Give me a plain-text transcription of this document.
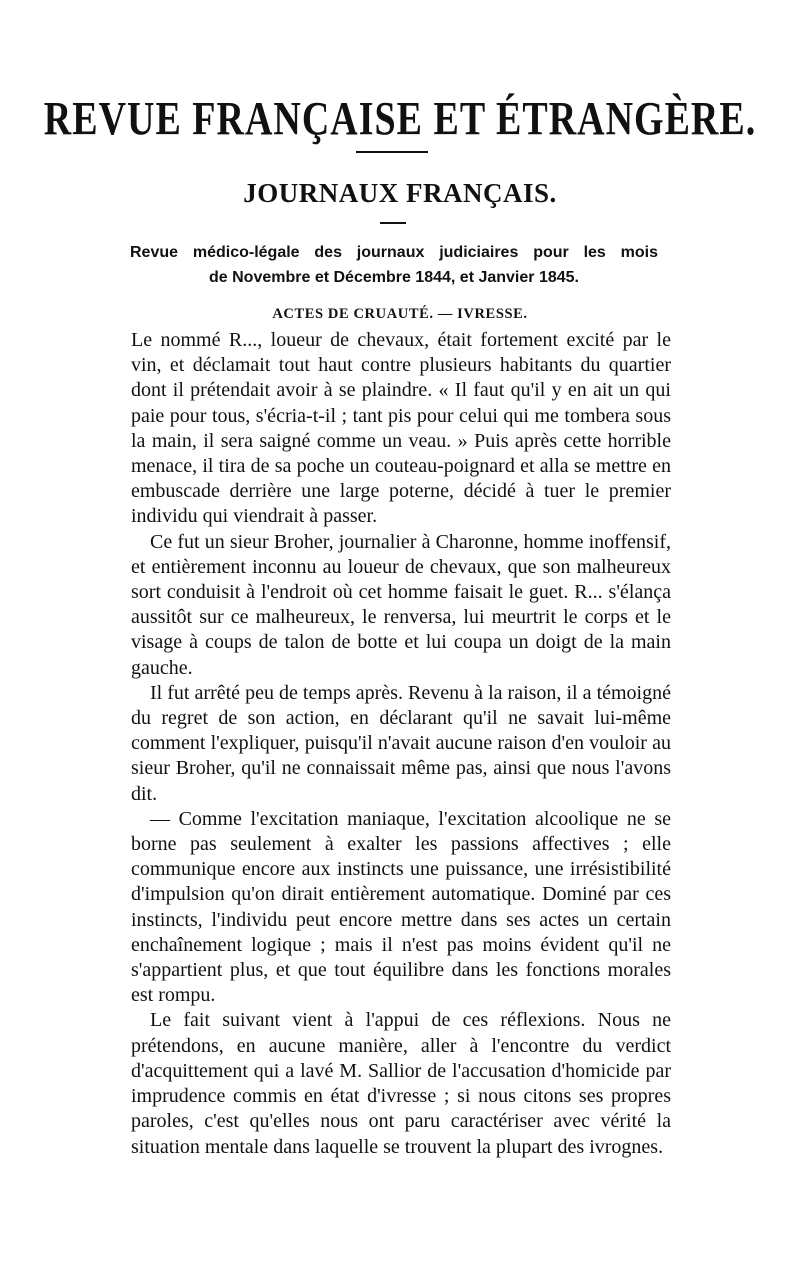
REVUE FRANÇAISE ET ÉTRANGÈRE.
JOURNAUX FRANÇAIS.
Revue médico-légale des journaux judiciaires pour les mois
de Novembre et Décembre 1844, et Janvier 1845.
ACTES DE CRUAUTÉ. — IVRESSE.

Le nommé R..., loueur de chevaux, était fortement excité par le vin, et déclamait tout haut contre plusieurs habitants du quartier dont il prétendait avoir à se plaindre. « Il faut qu'il y en ait un qui paie pour tous, s'écria-t-il ; tant pis pour celui qui me tombera sous la main, il sera saigné comme un veau. » Puis après cette horrible menace, il tira de sa poche un couteau-poignard et alla se mettre en embuscade derrière une large poterne, décidé à tuer le premier individu qui viendrait à passer.

Ce fut un sieur Broher, journalier à Charonne, homme inoffensif, et entièrement inconnu au loueur de chevaux, que son malheureux sort conduisit à l'endroit où cet homme faisait le guet. R... s'élança aussitôt sur ce malheureux, le renversa, lui meurtrit le corps et le visage à coups de talon de botte et lui coupa un doigt de la main gauche.

Il fut arrêté peu de temps après. Revenu à la raison, il a témoigné du regret de son action, en déclarant qu'il ne savait lui-même comment l'expliquer, puisqu'il n'avait aucune raison d'en vouloir au sieur Broher, qu'il ne connaissait même pas, ainsi que nous l'avons dit.

— Comme l'excitation maniaque, l'excitation alcoolique ne se borne pas seulement à exalter les passions affectives ; elle communique encore aux instincts une puissance, une irrésistibilité d'impulsion qu'on dirait entièrement automatique. Dominé par ces instincts, l'individu peut encore mettre dans ses actes un certain enchaînement logique ; mais il n'est pas moins évident qu'il ne s'appartient plus, et que tout équilibre dans les fonctions morales est rompu.

Le fait suivant vient à l'appui de ces réflexions. Nous ne prétendons, en aucune manière, aller à l'encontre du verdict d'acquittement qui a lavé M. Sallior de l'accusation d'homicide par imprudence commis en état d'ivresse ; si nous citons ses propres paroles, c'est qu'elles nous ont paru caractériser avec vérité la situation mentale dans laquelle se trouvent la plupart des ivrognes.
